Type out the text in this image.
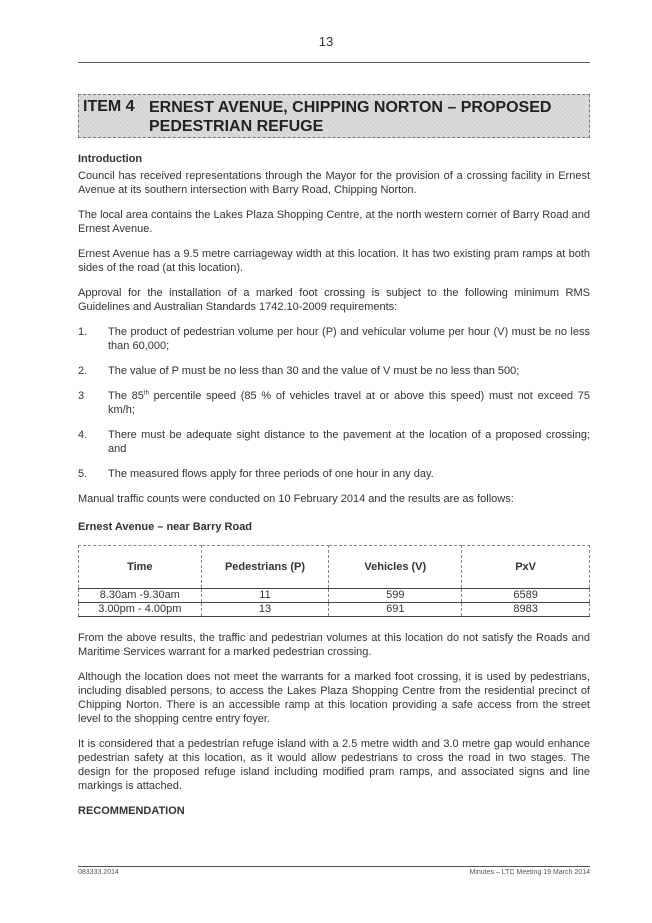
13
ITEM 4 ERNEST AVENUE, CHIPPING NORTON – PROPOSED PEDESTRIAN REFUGE
Introduction

Council has received representations through the Mayor for the provision of a crossing facility in Ernest Avenue at its southern intersection with Barry Road, Chipping Norton.

The local area contains the Lakes Plaza Shopping Centre, at the north western corner of Barry Road and Ernest Avenue.

Ernest Avenue has a 9.5 metre carriageway width at this location. It has two existing pram ramps at both sides of the road (at this location).

Approval for the installation of a marked foot crossing is subject to the following minimum RMS Guidelines and Australian Standards 1742.10-2009 requirements:

1.	The product of pedestrian volume per hour (P) and vehicular volume per hour (V) must be no less than 60,000;
2.	The value of P must be no less than 30 and the value of V must be no less than 500;
3	The 85th percentile speed (85 % of vehicles travel at or above this speed) must not exceed 75 km/h;
4.	There must be adequate sight distance to the pavement at the location of a proposed crossing; and
5.	The measured flows apply for three periods of one hour in any day.

Manual traffic counts were conducted on 10 February 2014 and the results are as follows:

Ernest Avenue – near Barry Road
Time	Pedestrians (P)	Vehicles (V)	PxV
8.30am -9.30am	11	599	6589
3.00pm - 4.00pm	13	691	8983

From the above results, the traffic and pedestrian volumes at this location do not satisfy the Roads and Maritime Services warrant for a marked pedestrian crossing.

Although the location does not meet the warrants for a marked foot crossing, it is used by pedestrians, including disabled persons, to access the Lakes Plaza Shopping Centre from the residential precinct of Chipping Norton. There is an accessible ramp at this location providing a safe access from the street level to the shopping centre entry foyer.

It is considered that a pedestrian refuge island with a 2.5 metre width and 3.0 metre gap would enhance pedestrian safety at this location, as it would allow pedestrians to cross the road in two stages. The design for the proposed refuge island including modified pram ramps, and associated signs and line markings is attached.

RECOMMENDATION
083333.2014	Minutes – LTC Meeting 19 March 2014
